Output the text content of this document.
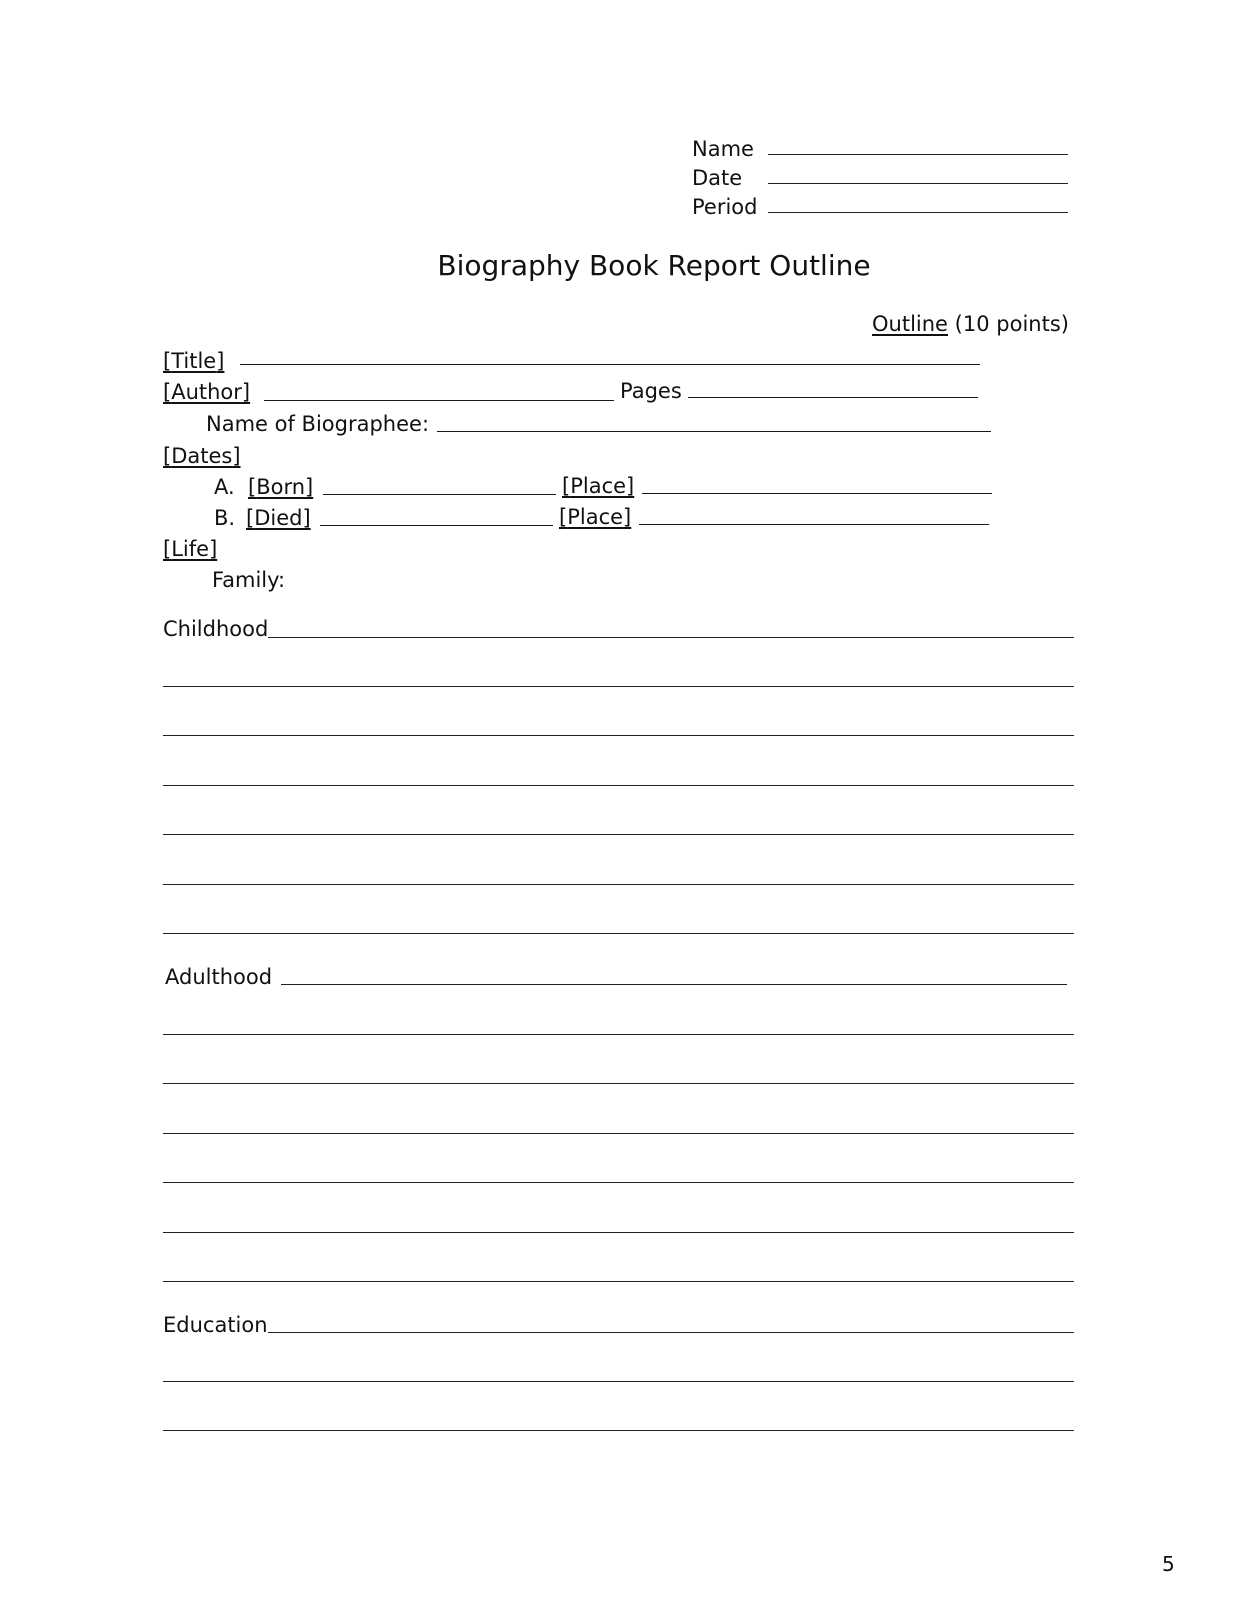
Name
Date
Period
Biography Book Report Outline
Outline (10 points)
[ Title ]
[ Author ]	Pages
Name of Biographee:
[ Dates ]
A.	[ Born ]	[ Place ]
B. [ Died ]	[ Place ]
[ Life ]
Family:
Childhood
Adulthood
Education
5
